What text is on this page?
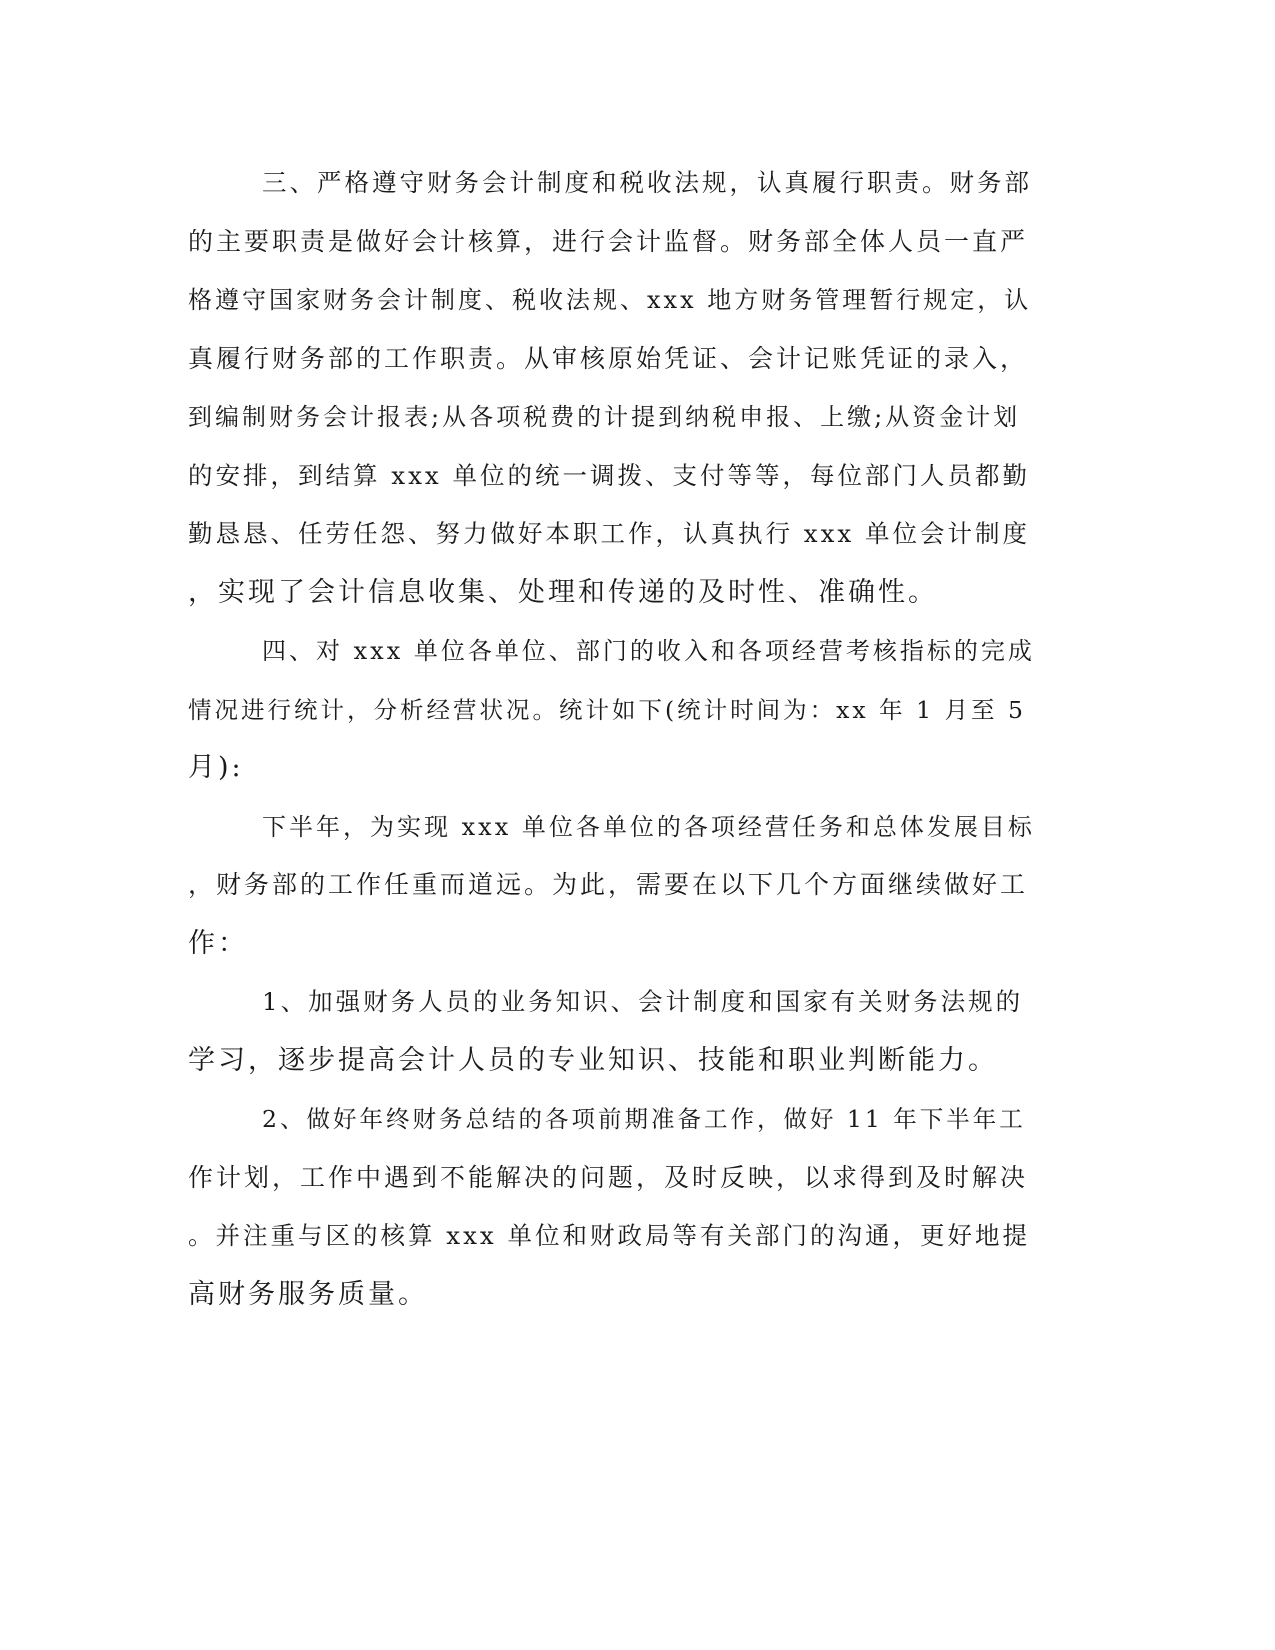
三、严格遵守财务会计制度和税收法规，认真履行职责。财务部

的主要职责是做好会计核算，进行会计监督。财务部全体人员一直严

格遵守国家财务会计制度、税收法规、xxx 地方财务管理暂行规定，认

真履行财务部的工作职责。从审核原始凭证、会计记账凭证的录入，

到编制财务会计报表;从各项税费的计提到纳税申报、上缴;从资金计划

的安排，到结算 xxx 单位的统一调拨、支付等等，每位部门人员都勤

勤恳恳、任劳任怨、努力做好本职工作，认真执行 xxx 单位会计制度

，实现了会计信息收集、处理和传递的及时性、准确性。

四、对 xxx 单位各单位、部门的收入和各项经营考核指标的完成

情况进行统计，分析经营状况。统计如下(统计时间为：xx 年 1 月至 5

月):

下半年，为实现 xxx 单位各单位的各项经营任务和总体发展目标

，财务部的工作任重而道远。为此，需要在以下几个方面继续做好工

作：

1、加强财务人员的业务知识、会计制度和国家有关财务法规的

学习，逐步提高会计人员的专业知识、技能和职业判断能力。

2、做好年终财务总结的各项前期准备工作，做好 11 年下半年工

作计划，工作中遇到不能解决的问题，及时反映，以求得到及时解决

。并注重与区的核算 xxx 单位和财政局等有关部门的沟通，更好地提

高财务服务质量。
